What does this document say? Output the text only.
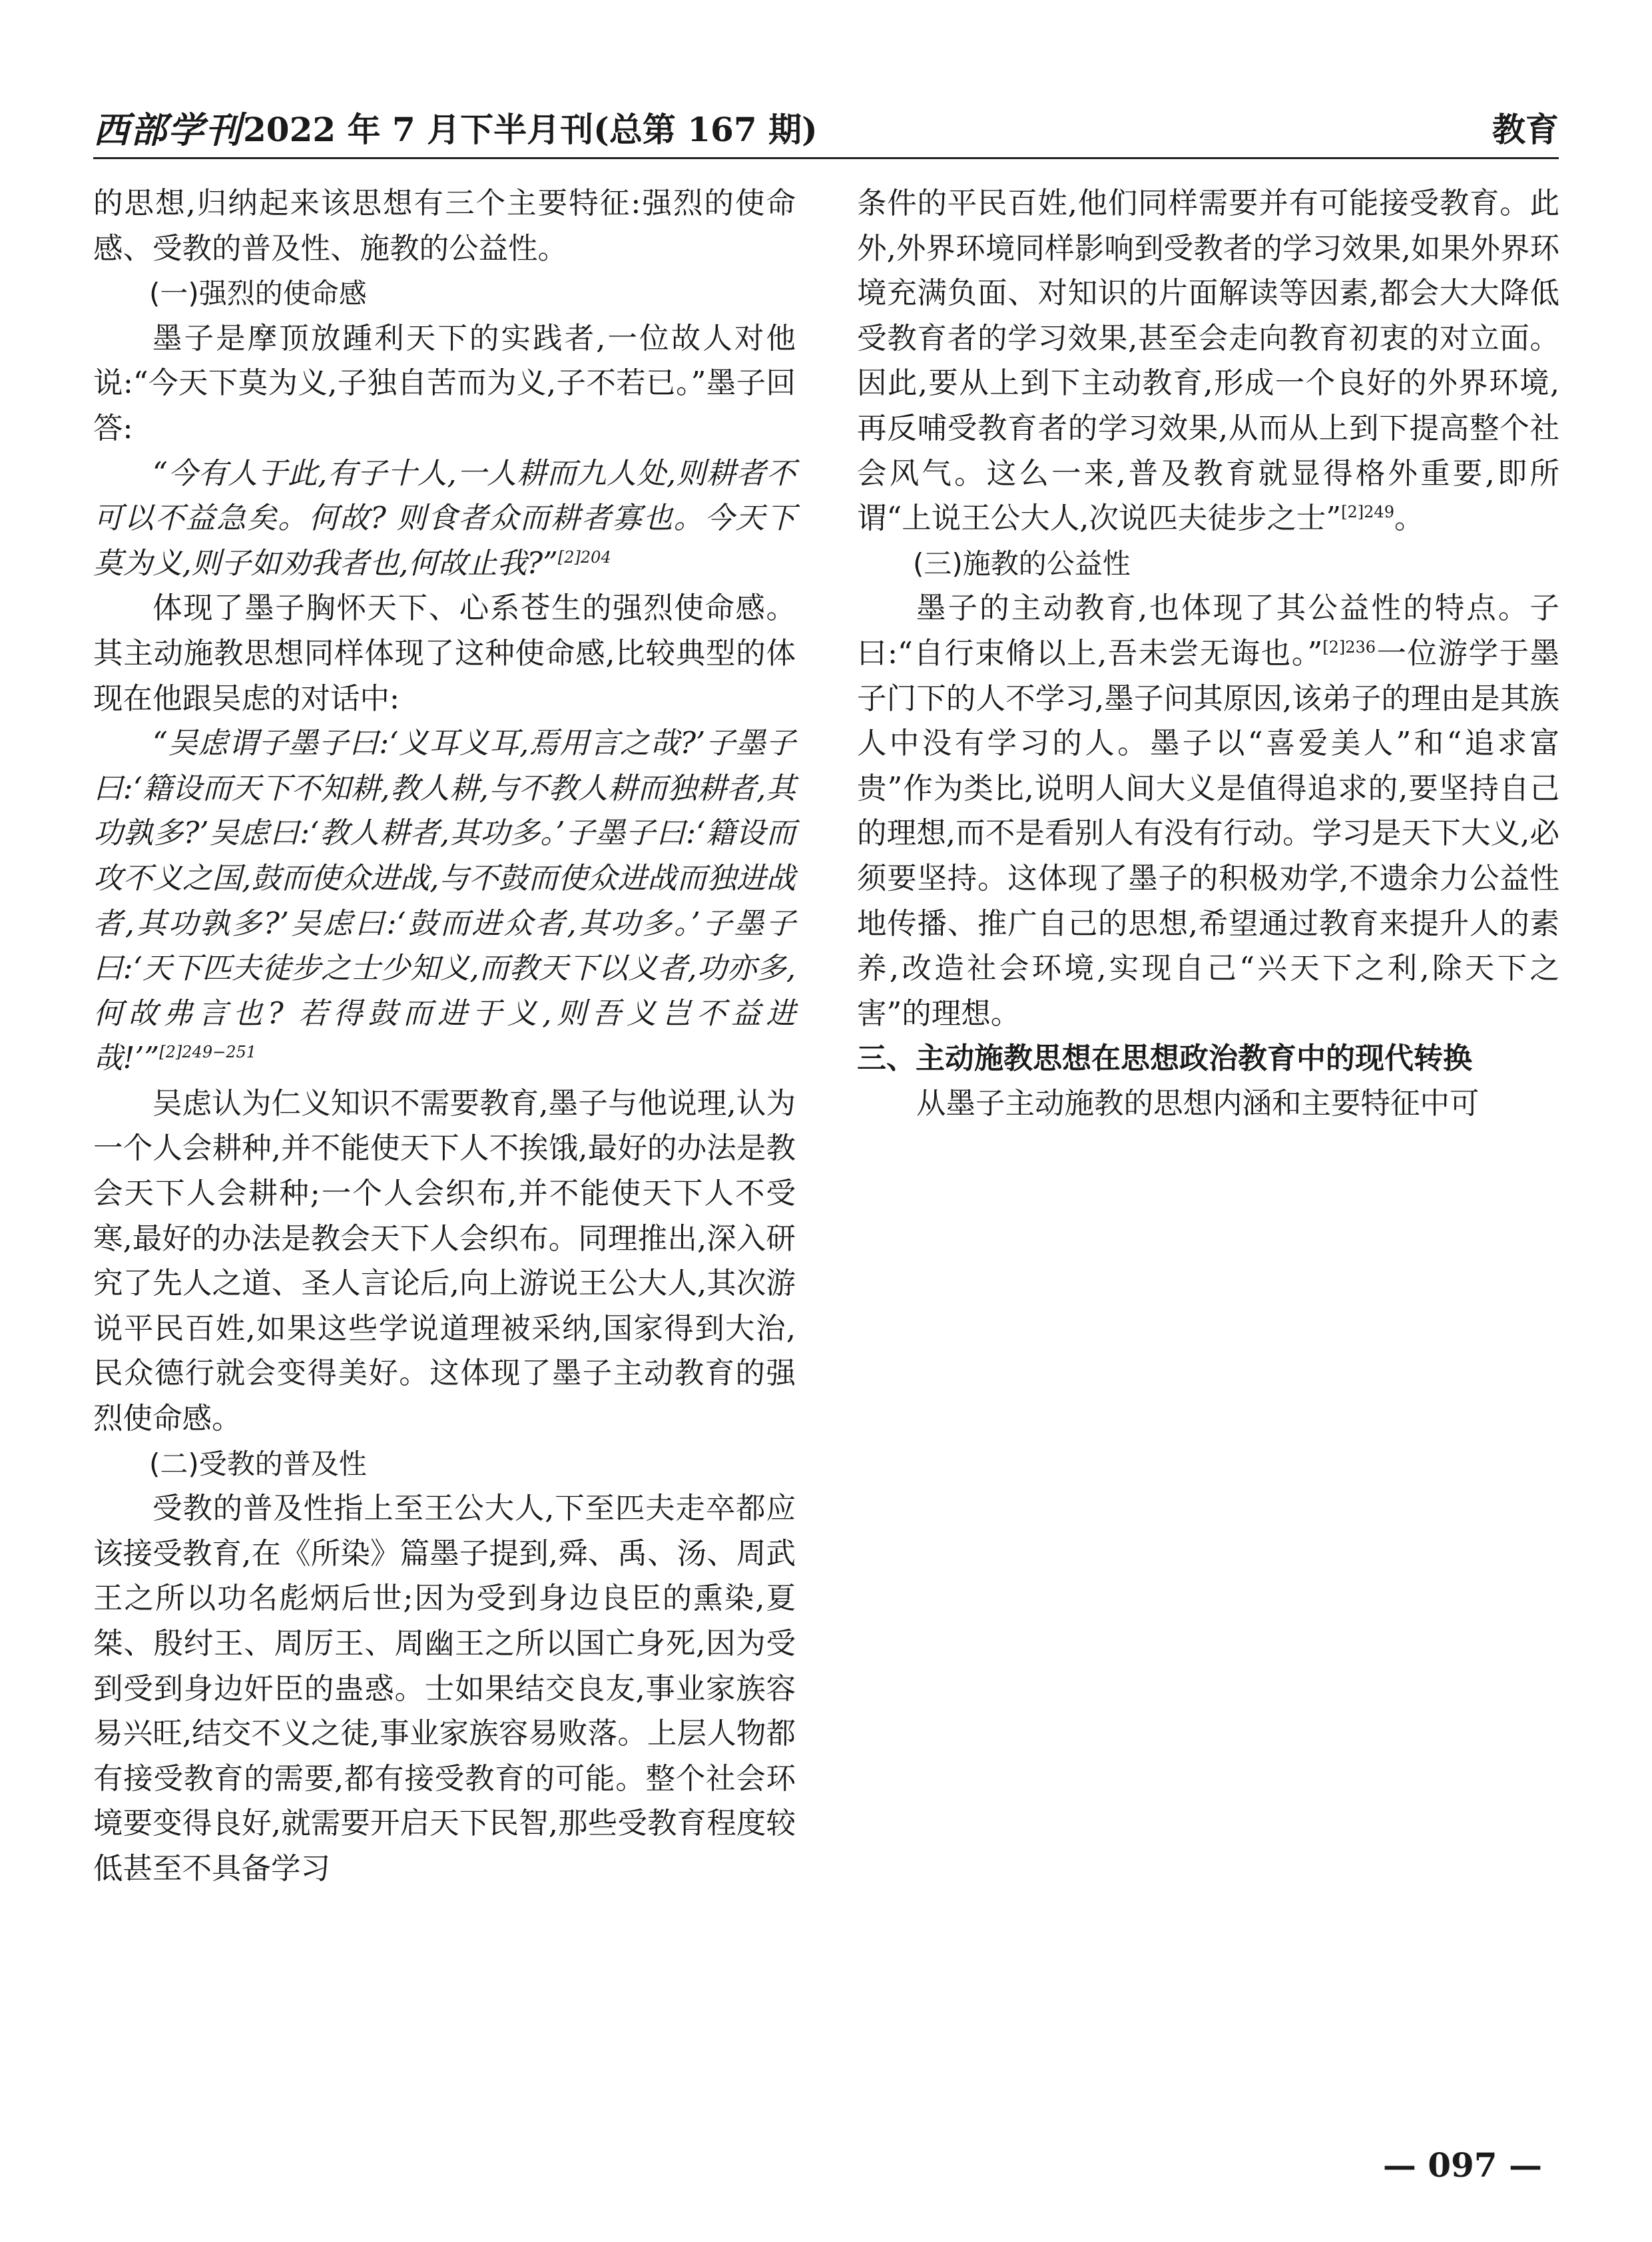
西部学刊 2022 年 7 月下半月刊(总第 167 期)	教育

的思想,归纳起来该思想有三个主要特征:强烈的使命感、受教的普及性、施教的公益性。

(一)强烈的使命感

墨子是摩顶放踵利天下的实践者,一位故人对他说:“今天下莫为义,子独自苦而为义,子不若已。”墨子回答:

“今有人于此,有子十人,一人耕而九人处,则耕者不可以不益急矣。何故? 则食者众而耕者寡也。今天下莫为义,则子如劝我者也,何故止我?”$^{[2]204}$

体现了墨子胸怀天下、心系苍生的强烈使命感。其主动施教思想同样体现了这种使命感,比较典型的体现在他跟吴虑的对话中:

“吴虑谓子墨子曰:‘义耳义耳,焉用言之哉?’子墨子曰:‘籍设而天下不知耕,教人耕,与不教人耕而独耕者,其功孰多?’吴虑曰:‘教人耕者,其功多。’子墨子曰:‘籍设而攻不义之国,鼓而使众进战,与不鼓而使众进战而独进战者,其功孰多?’吴虑曰:‘鼓而进众者,其功多。’子墨子曰:‘天下匹夫徒步之士少知义,而教天下以义者,功亦多,何故弗言也? 若得鼓而进于义,则吾义岂不益进哉!’”$^{[2]249-251}$

吴虑认为仁义知识不需要教育,墨子与他说理,认为一个人会耕种,并不能使天下人不挨饿,最好的办法是教会天下人会耕种;一个人会织布,并不能使天下人不受寒,最好的办法是教会天下人会织布。同理推出,深入研究了先人之道、圣人言论后,向上游说王公大人,其次游说平民百姓,如果这些学说道理被采纳,国家得到大治,民众德行就会变得美好。这体现了墨子主动教育的强烈使命感。

(二)受教的普及性

受教的普及性指上至王公大人,下至匹夫走卒都应该接受教育,在《所染》篇墨子提到,舜、禹、汤、周武王之所以功名彪炳后世;因为受到身边良臣的熏染,夏桀、殷纣王、周厉王、周幽王之所以国亡身死,因为受到受到身边奸臣的蛊惑。士如果结交良友,事业家族容易兴旺,结交不义之徒,事业家族容易败落。上层人物都有接受教育的需要,都有接受教育的可能。整个社会环境要变得良好,就需要开启天下民智,那些受教育程度较低甚至不具备学习

条件的平民百姓,他们同样需要并有可能接受教育。此外,外界环境同样影响到受教者的学习效果,如果外界环境充满负面、对知识的片面解读等因素,都会大大降低受教育者的学习效果,甚至会走向教育初衷的对立面。因此,要从上到下主动教育,形成一个良好的外界环境,再反哺受教育者的学习效果,从而从上到下提高整个社会风气。这么一来,普及教育就显得格外重要,即所谓“上说王公大人,次说匹夫徒步之士”$^{[2]249}$。

(三)施教的公益性

墨子的主动教育,也体现了其公益性的特点。子曰:“自行束脩以上,吾未尝无诲也。”$^{[2]236}$一位游学于墨子门下的人不学习,墨子问其原因,该弟子的理由是其族人中没有学习的人。墨子以“喜爱美人”和“追求富贵”作为类比,说明人间大义是值得追求的,要坚持自己的理想,而不是看别人有没有行动。学习是天下大义,必须要坚持。这体现了墨子的积极劝学,不遗余力公益性地传播、推广自己的思想,希望通过教育来提升人的素养,改造社会环境,实现自己“兴天下之利,除天下之害”的理想。

三、主动施教思想在思想政治教育中的现代转换

从墨子主动施教的思想内涵和主要特征中可

— 097 —
